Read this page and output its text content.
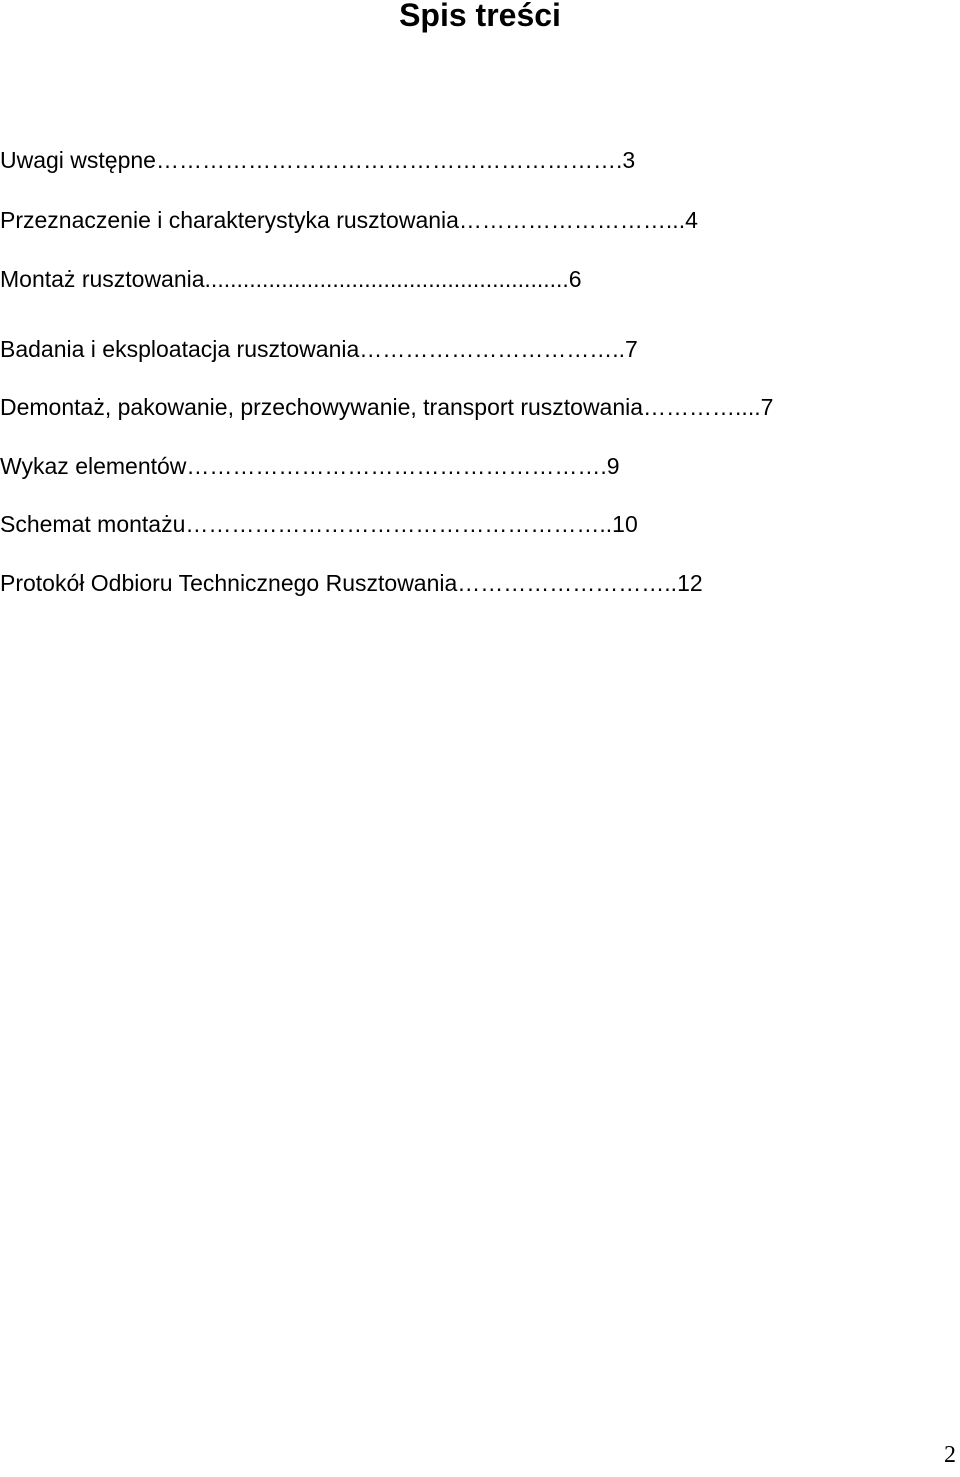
Spis treści
Uwagi wstępne…………………………………………………….3
Przeznaczenie i charakterystyka rusztowania………………………...4
Montaż rusztowania.........................................................6
Badania i eksploatacja rusztowania……………………………..7
Demontaż, pakowanie, przechowywanie, transport rusztowania…………....7
Wykaz elementów……………………………………………….9
Schemat montażu………………………………………………..10
Protokół Odbioru Technicznego Rusztowania………………………..12
2
